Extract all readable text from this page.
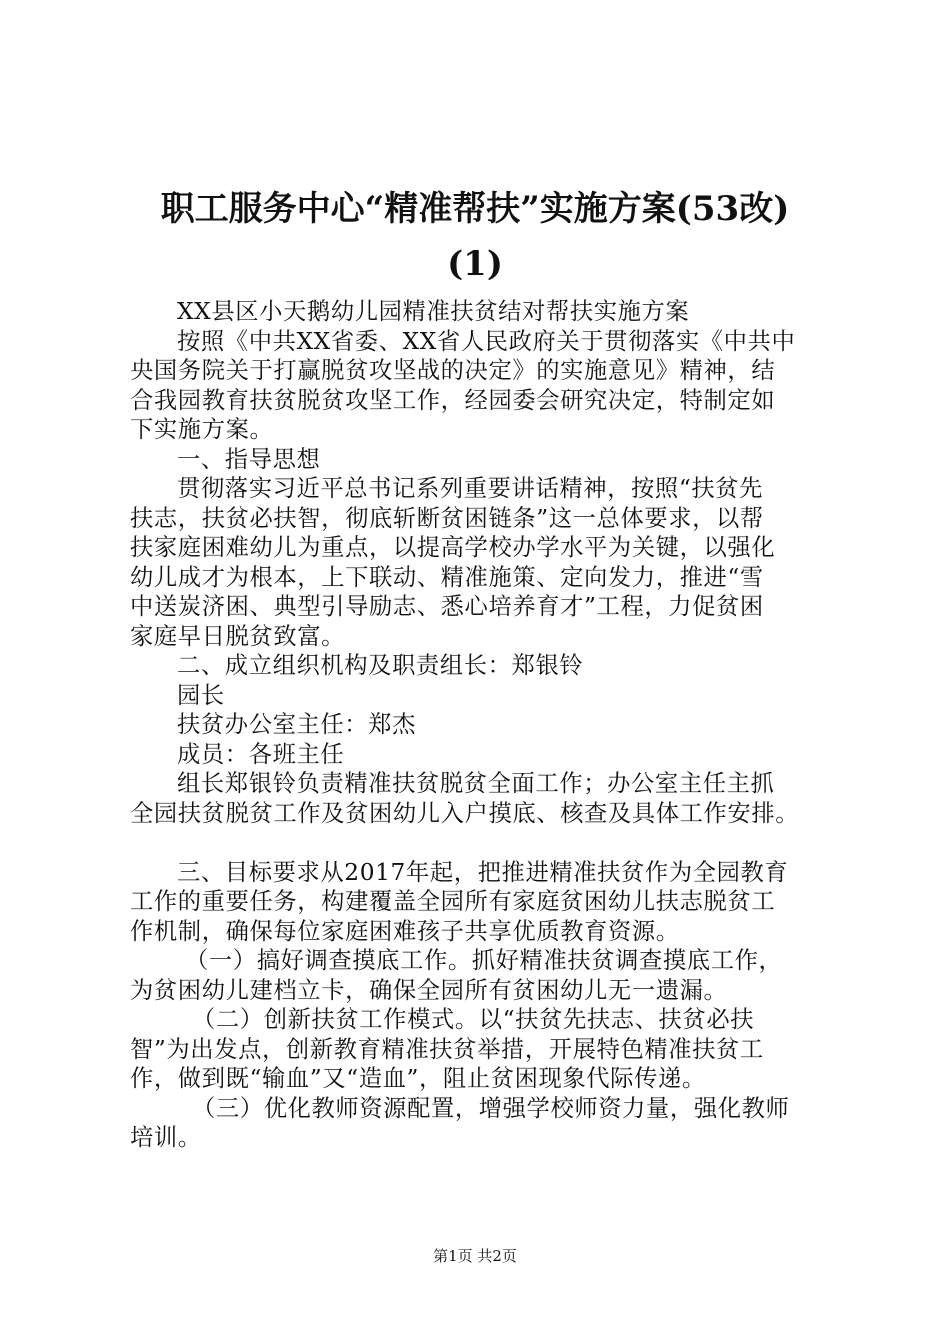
职工服务中心“精准帮扶”实施方案(53改)
(1)
XX县区小天鹅幼儿园精准扶贫结对帮扶实施方案
按照《中共XX省委、XX省人民政府关于贯彻落实《中共中
央国务院关于打赢脱贫攻坚战的决定》的实施意见》精神，结
合我园教育扶贫脱贫攻坚工作，经园委会研究决定，特制定如
下实施方案。
一、指导思想
贯彻落实习近平总书记系列重要讲话精神，按照“扶贫先
扶志，扶贫必扶智，彻底斩断贫困链条”这一总体要求，以帮
扶家庭困难幼儿为重点，以提高学校办学水平为关键，以强化
幼儿成才为根本，上下联动、精准施策、定向发力，推进“雪
中送炭济困、典型引导励志、悉心培养育才”工程，力促贫困
家庭早日脱贫致富。
二、成立组织机构及职责组长：郑银铃
园长
扶贫办公室主任：郑杰
成员：各班主任
组长郑银铃负责精准扶贫脱贫全面工作；办公室主任主抓
全园扶贫脱贫工作及贫困幼儿入户摸底、核查及具体工作安排。
三、目标要求从2017年起，把推进精准扶贫作为全园教育
工作的重要任务，构建覆盖全园所有家庭贫困幼儿扶志脱贫工
作机制，确保每位家庭困难孩子共享优质教育资源。
（一）搞好调查摸底工作。抓好精准扶贫调查摸底工作，
为贫困幼儿建档立卡，确保全园所有贫困幼儿无一遗漏。
（二）创新扶贫工作模式。以“扶贫先扶志、扶贫必扶
智”为出发点，创新教育精准扶贫举措，开展特色精准扶贫工
作，做到既“输血”又“造血”，阻止贫困现象代际传递。
（三）优化教师资源配置，增强学校师资力量，强化教师
培训。
第1页 共2页
